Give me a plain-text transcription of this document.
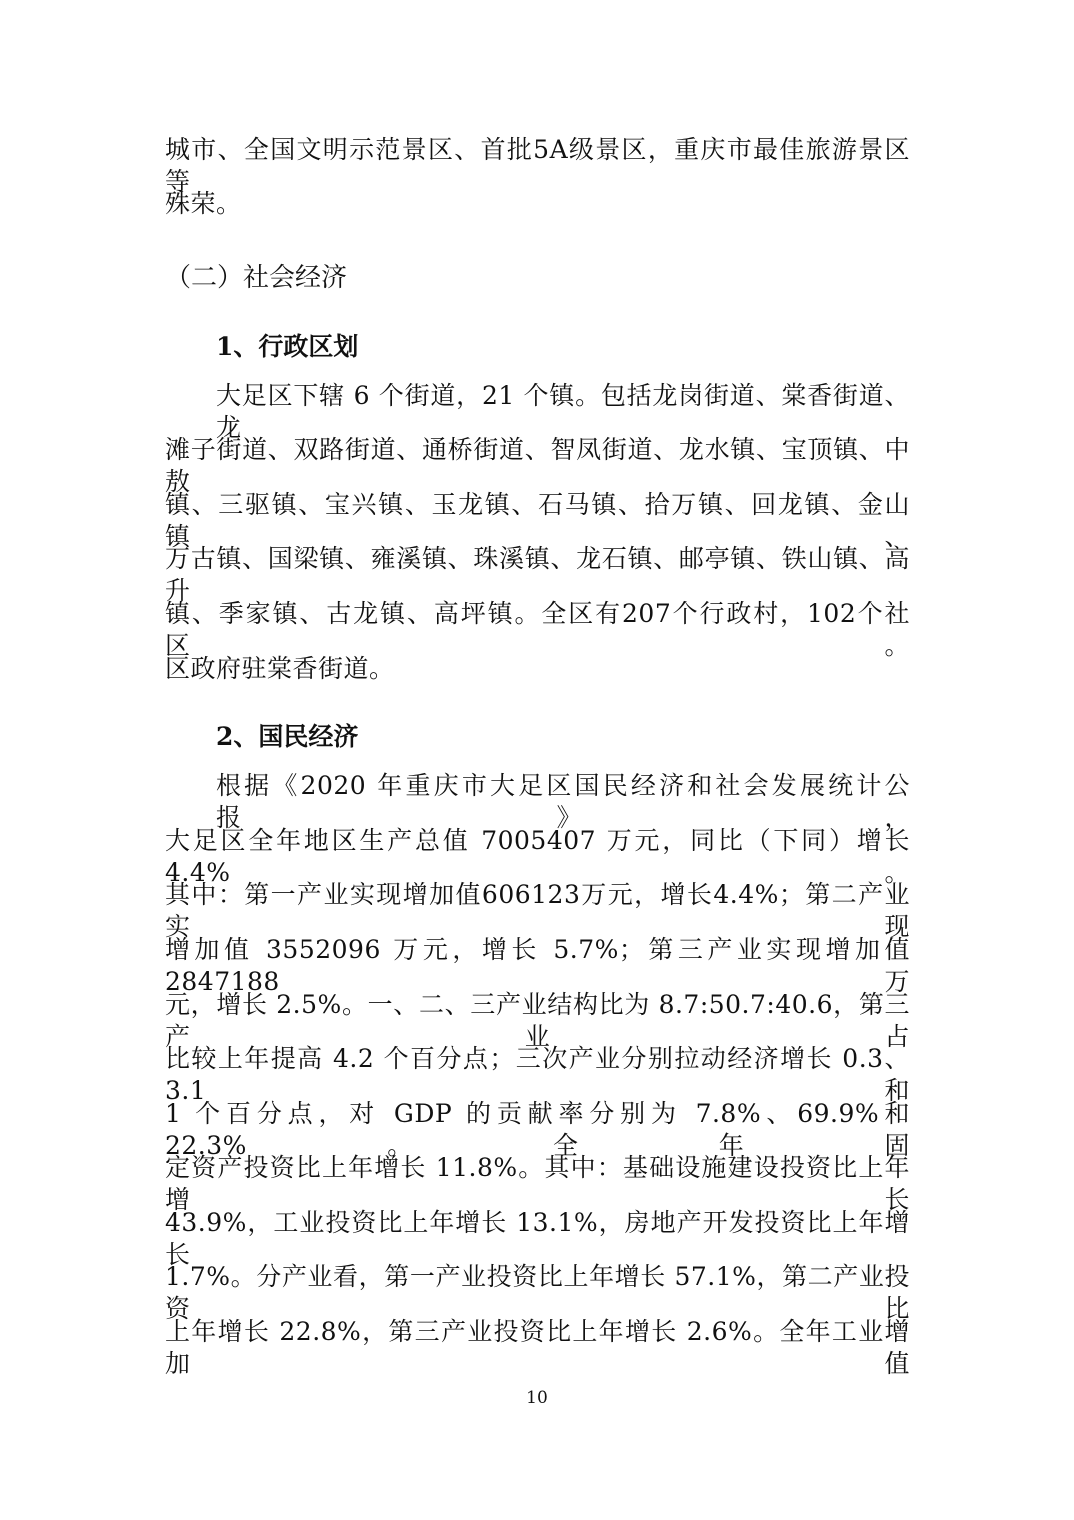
城市、全国文明示范景区、首批5A级景区，重庆市最佳旅游景区等
殊荣。
（二）社会经济
1、行政区划
大足区下辖 6 个街道，21 个镇。包括龙岗街道、棠香街道、龙
滩子街道、双路街道、通桥街道、智凤街道、龙水镇、宝顶镇、中敖
镇、三驱镇、宝兴镇、玉龙镇、石马镇、拾万镇、回龙镇、金山镇、
万古镇、国梁镇、雍溪镇、珠溪镇、龙石镇、邮亭镇、铁山镇、高升
镇、季家镇、古龙镇、高坪镇。全区有207个行政村，102个社区。
区政府驻棠香街道。
2、国民经济
根据《2020 年重庆市大足区国民经济和社会发展统计公报》，
大足区全年地区生产总值 7005407 万元，同比（下同）增长 4.4%。
其中：第一产业实现增加值606123万元，增长4.4%；第二产业实现
增加值 3552096 万元，增长 5.7%；第三产业实现增加值 2847188 万
元，增长 2.5%。一、二、三产业结构比为 8.7:50.7:40.6，第三产业占
比较上年提高 4.2 个百分点；三次产业分别拉动经济增长 0.3、3.1 和
1 个百分点，对 GDP 的贡献率分别为 7.8%、69.9%和 22.3%。全年固
定资产投资比上年增长 11.8%。其中：基础设施建设投资比上年增长
43.9%，工业投资比上年增长 13.1%，房地产开发投资比上年增长
1.7%。分产业看，第一产业投资比上年增长 57.1%，第二产业投资比
上年增长 22.8%，第三产业投资比上年增长 2.6%。全年工业增加值
10
